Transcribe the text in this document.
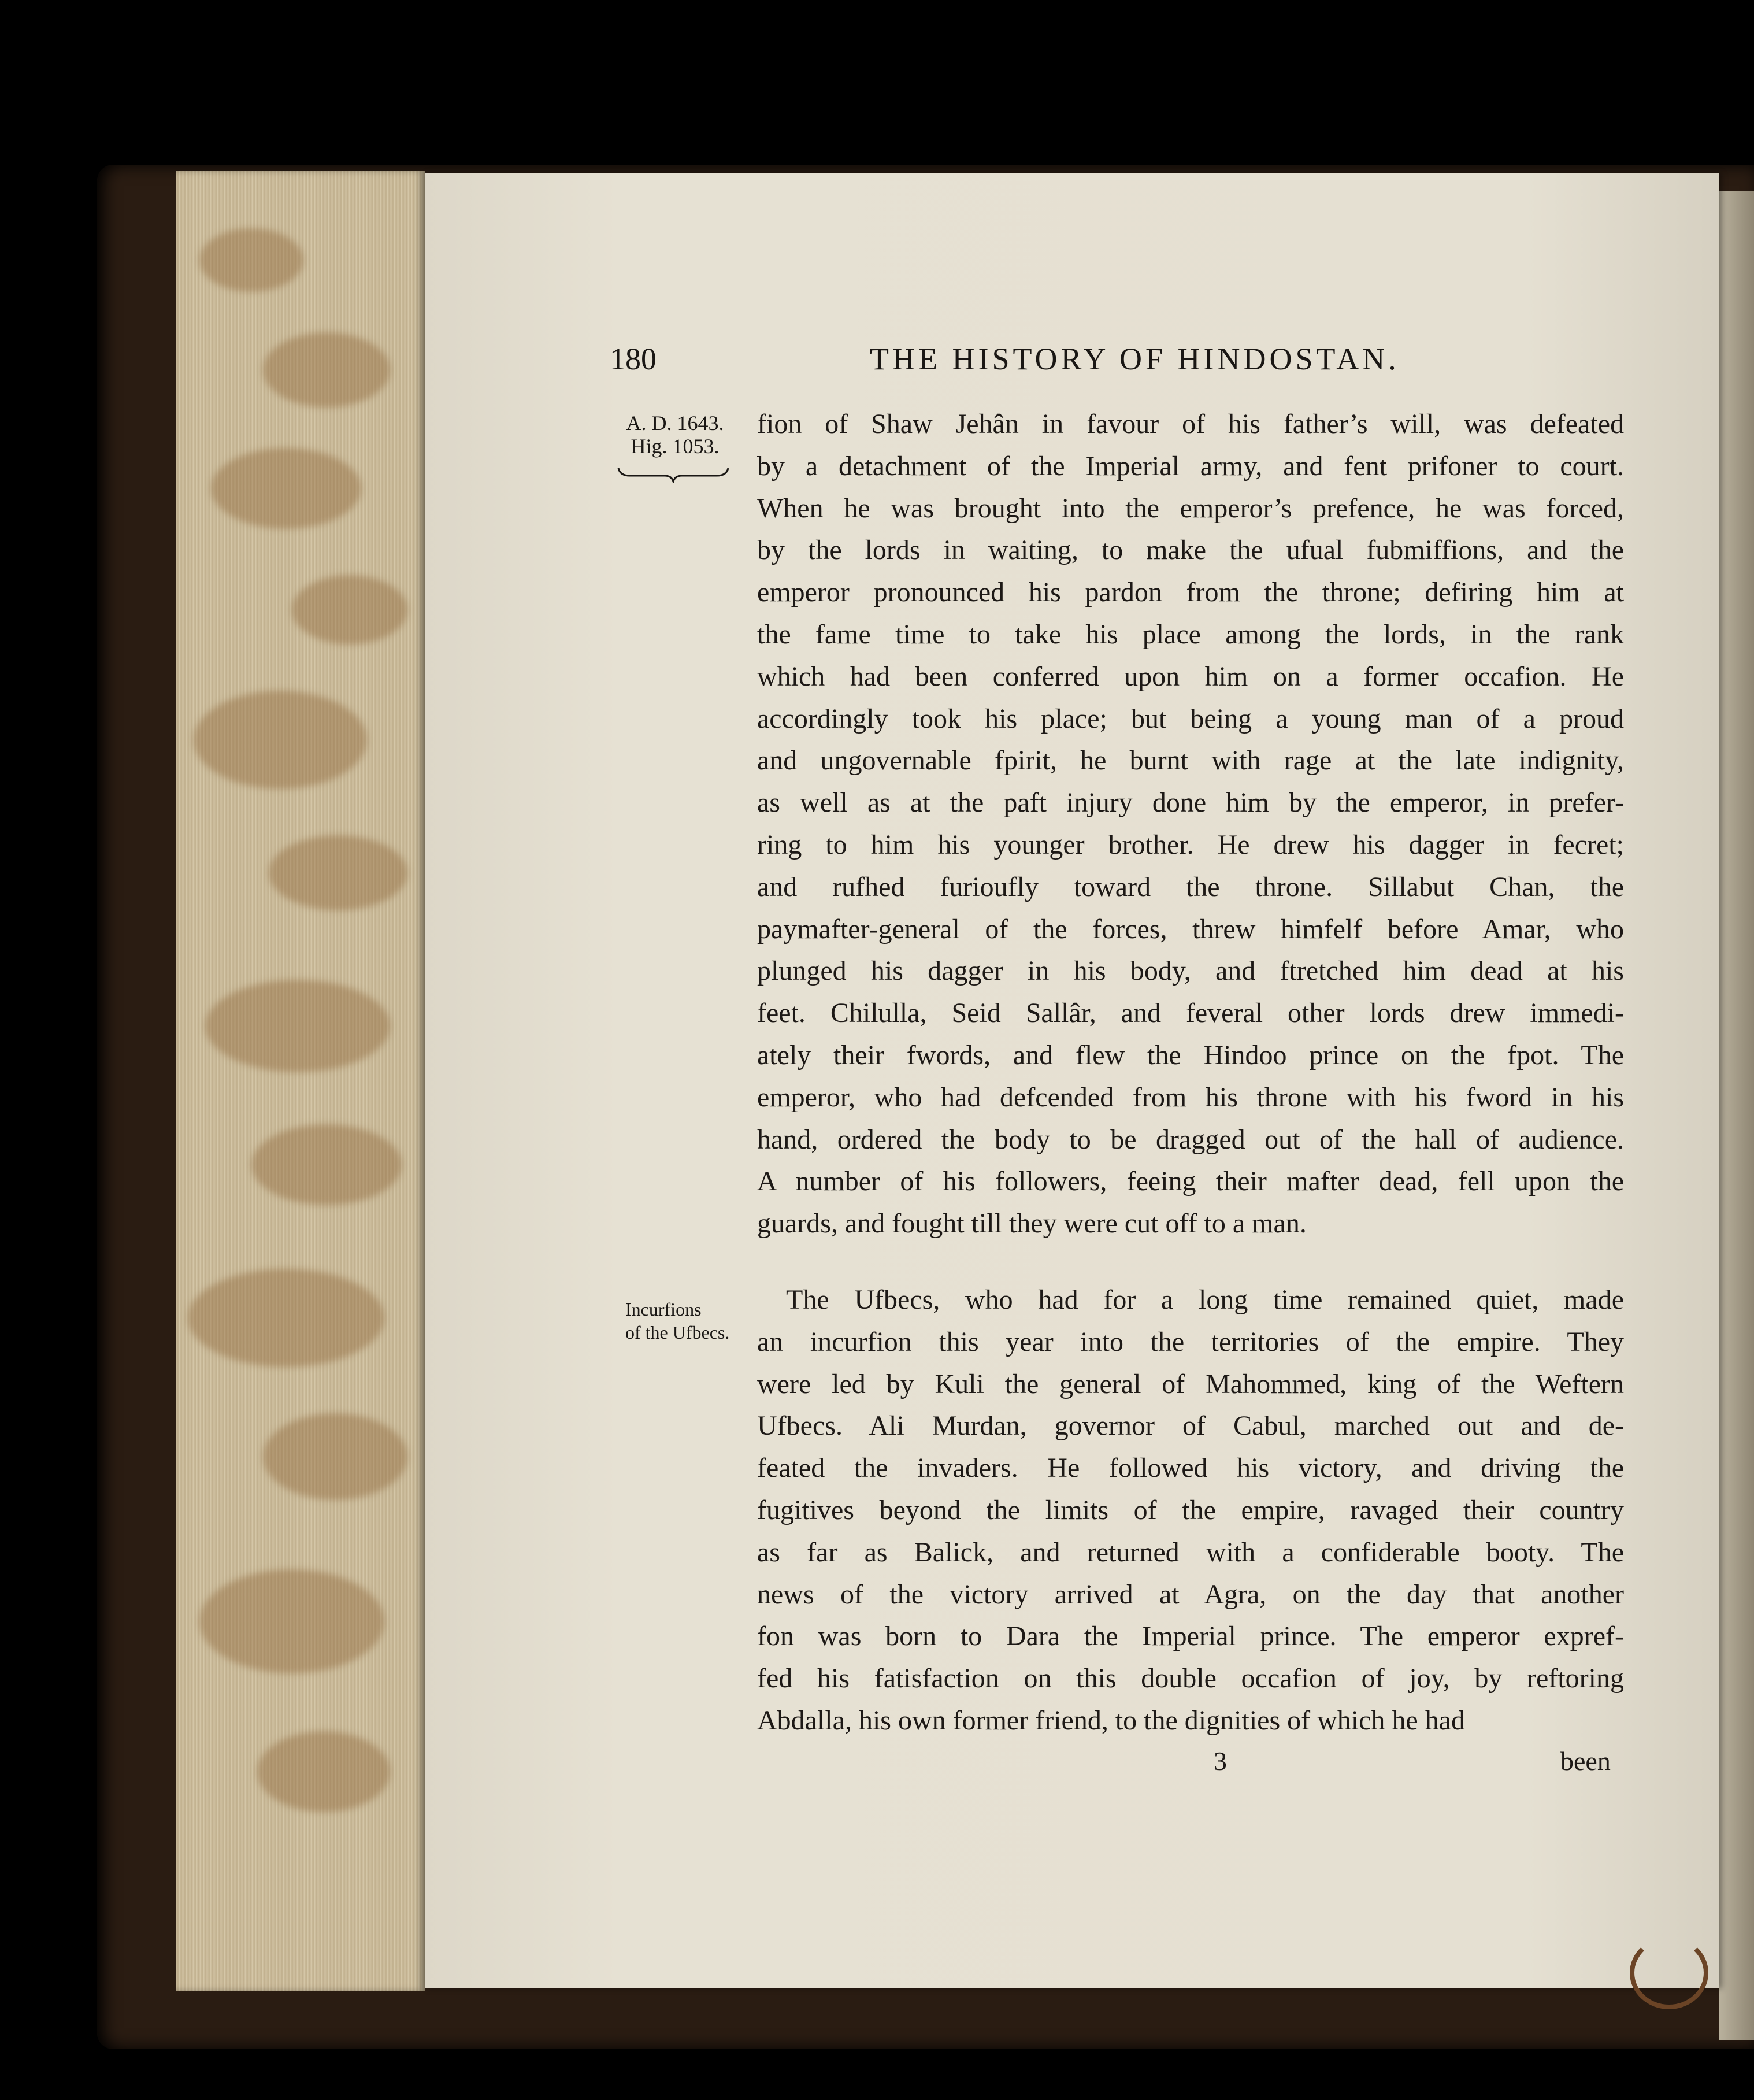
180	THE HISTORY OF HINDOSTAN.
A. D. 1643.
Hig. 1053.
fion of Shaw Jehân in favour of his father’s will, was defeated
by a detachment of the Imperial army, and fent prifoner to court.
When he was brought into the emperor’s prefence, he was forced,
by the lords in waiting, to make the ufual fubmiffions, and the
emperor pronounced his pardon from the throne; defiring him at
the fame time to take his place among the lords, in the rank
which had been conferred upon him on a former occafion. He
accordingly took his place; but being a young man of a proud
and ungovernable fpirit, he burnt with rage at the late indignity,
as well as at the paft injury done him by the emperor, in prefer-
ring to him his younger brother. He drew his dagger in fecret;
and rufhed furioufly toward the throne. Sillabut Chan, the
paymafter-general of the forces, threw himfelf before Amar, who
plunged his dagger in his body, and ftretched him dead at his
feet. Chilulla, Seid Sallâr, and feveral other lords drew immedi-
ately their fwords, and flew the Hindoo prince on the fpot. The
emperor, who had defcended from his throne with his fword in his
hand, ordered the body to be dragged out of the hall of audience.
A number of his followers, feeing their mafter dead, fell upon the
guards, and fought till they were cut off to a man.
Incurfions
of the Ufbecs.
The Ufbecs, who had for a long time remained quiet, made
an incurfion this year into the territories of the empire. They
were led by Kuli the general of Mahommed, king of the Weftern
Ufbecs. Ali Murdan, governor of Cabul, marched out and de-
feated the invaders. He followed his victory, and driving the
fugitives beyond the limits of the empire, ravaged their country
as far as Balick, and returned with a confiderable booty. The
news of the victory arrived at Agra, on the day that another
fon was born to Dara the Imperial prince. The emperor expref-
fed his fatisfaction on this double occafion of joy, by reftoring
Abdalla, his own former friend, to the dignities of which he had
3	been
